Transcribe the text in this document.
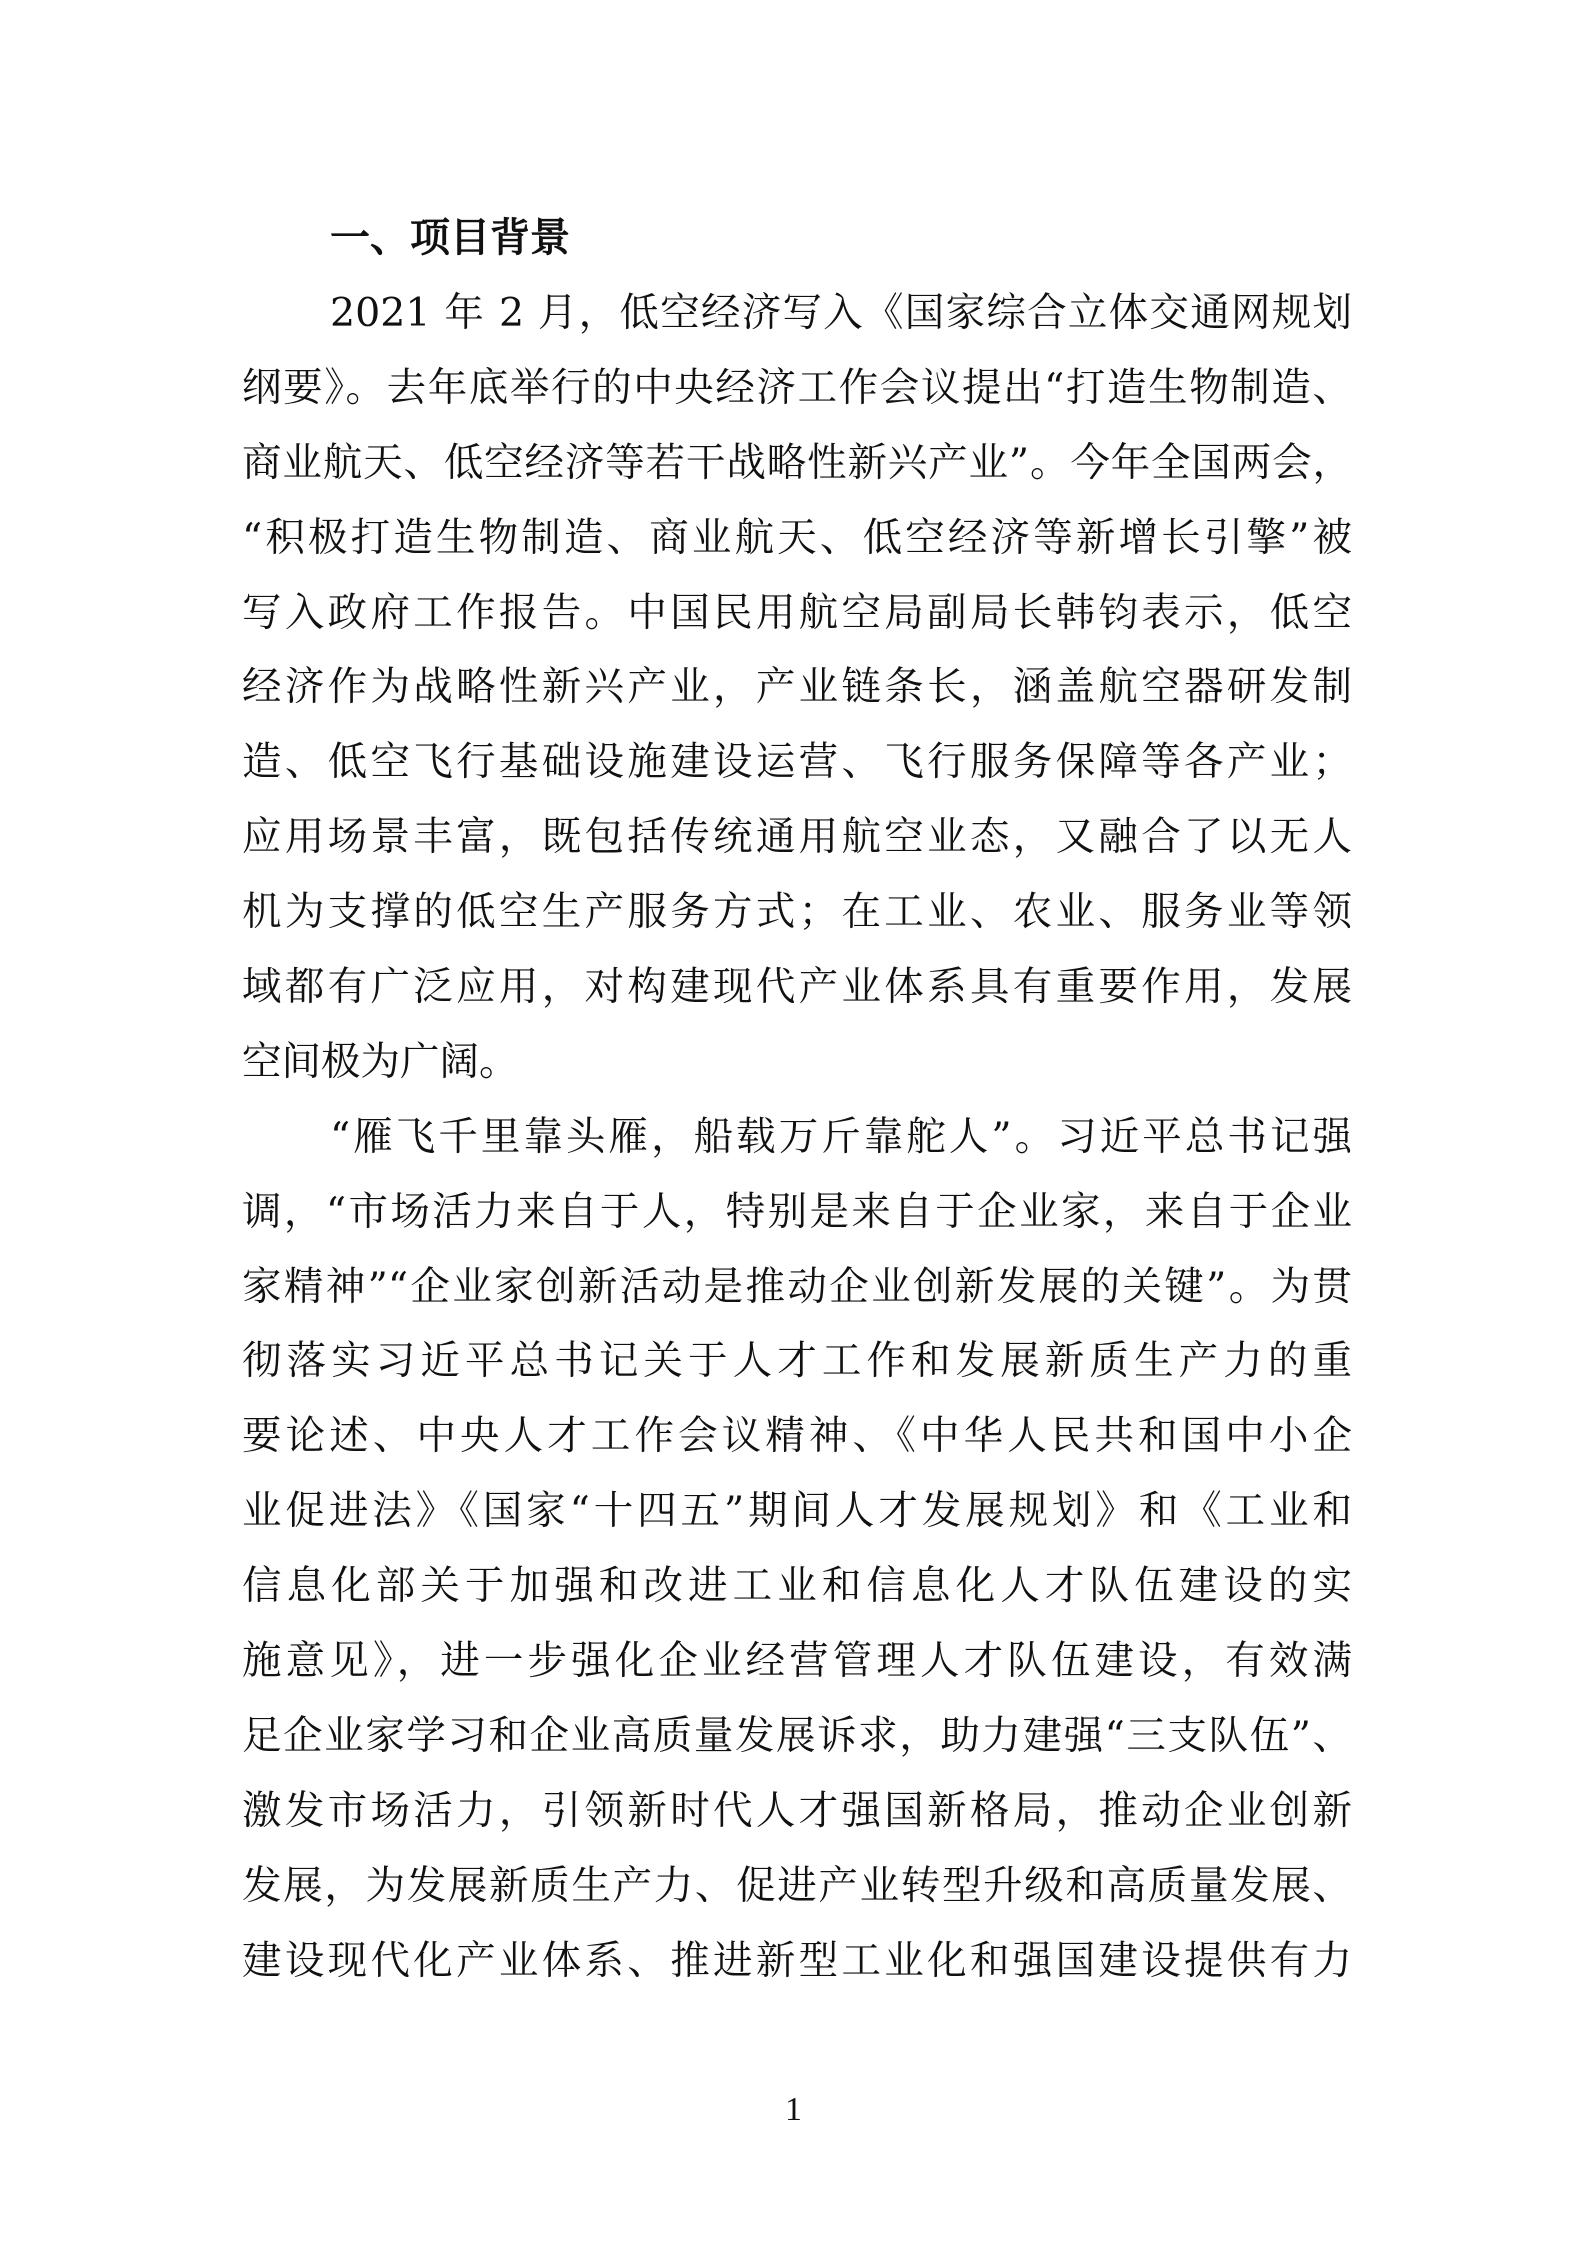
一、项目背景

2021 年 2 月，低空经济写入《国家综合立体交通网规划
纲要》。去年底举行的中央经济工作会议提出“打造生物制造、
商业航天、低空经济等若干战略性新兴产业”。今年全国两会，
“积极打造生物制造、商业航天、低空经济等新增长引擎”被
写入政府工作报告。中国民用航空局副局长韩钧表示，低空
经济作为战略性新兴产业，产业链条长，涵盖航空器研发制
造、低空飞行基础设施建设运营、飞行服务保障等各产业；
应用场景丰富，既包括传统通用航空业态，又融合了以无人
机为支撑的低空生产服务方式；在工业、农业、服务业等领
域都有广泛应用，对构建现代产业体系具有重要作用，发展
空间极为广阔。

“雁飞千里靠头雁，船载万斤靠舵人”。习近平总书记强
调，“市场活力来自于人，特别是来自于企业家，来自于企业
家精神”“企业家创新活动是推动企业创新发展的关键”。为贯
彻落实习近平总书记关于人才工作和发展新质生产力的重
要论述、中央人才工作会议精神、《中华人民共和国中小企
业促进法》《国家“十四五”期间人才发展规划》和《工业和
信息化部关于加强和改进工业和信息化人才队伍建设的实
施意见》，进一步强化企业经营管理人才队伍建设，有效满
足企业家学习和企业高质量发展诉求，助力建强“三支队伍”、
激发市场活力，引领新时代人才强国新格局，推动企业创新
发展，为发展新质生产力、促进产业转型升级和高质量发展、
建设现代化产业体系、推进新型工业化和强国建设提供有力

1
